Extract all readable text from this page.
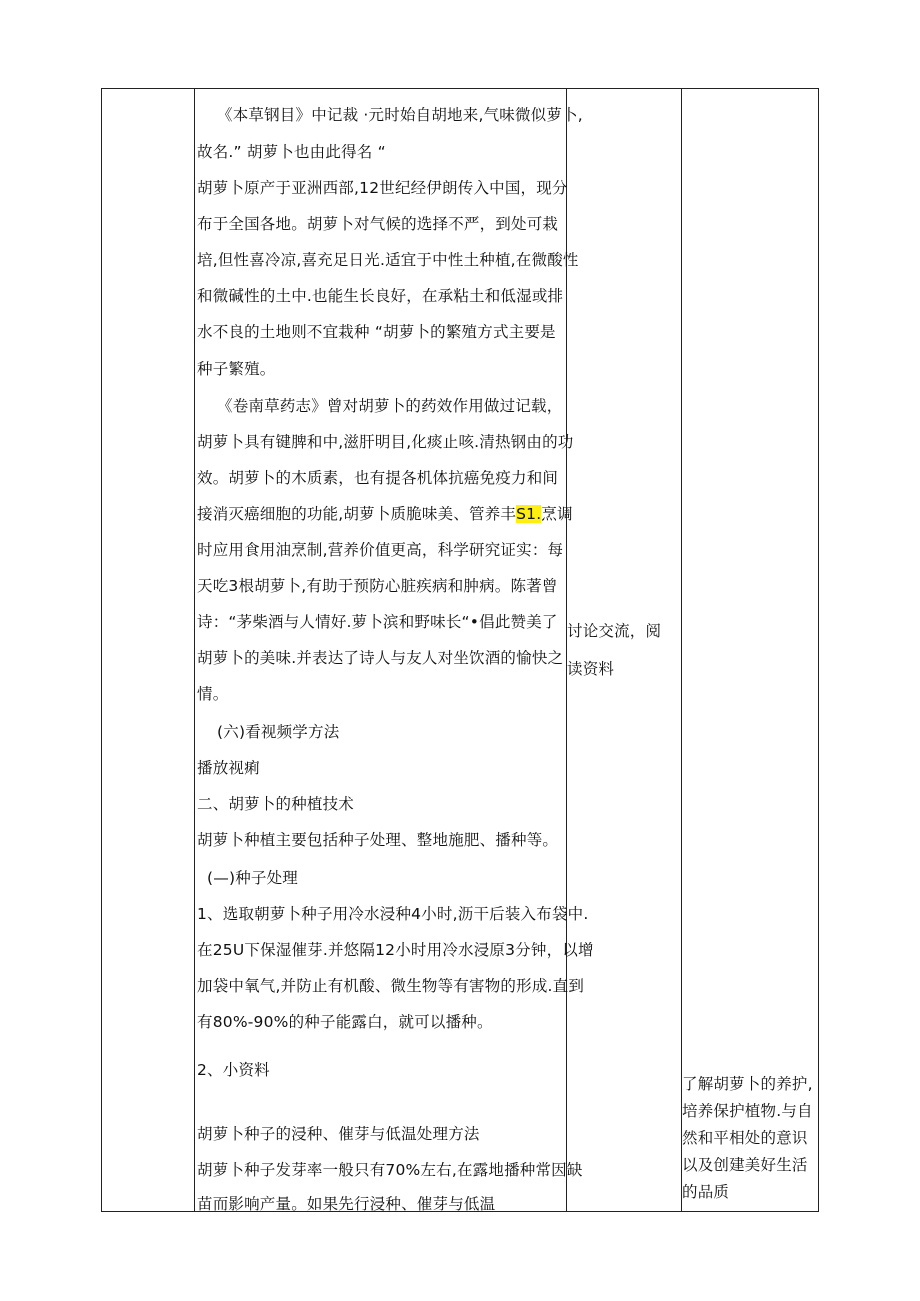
《本草钢目》中记裁 ·元时始自胡地来,气味微似萝卜,
故名.” 胡萝卜也由此得名 “
胡萝卜原产于亚洲西部,12世纪经伊朗传入中国，现分
布于全国各地。胡萝卜对气候的选择不严，到处可栽
培,但性喜冷凉,喜充足日光.适宜于中性土种植,在微酸性
和微碱性的土中.也能生长良好，在承粘土和低湿或排
水不良的土地则不宜栽种 “胡萝卜的繁殖方式主要是
种子繁殖。
《卷南草药志》曾对胡萝卜的药效作用做过记载，
胡萝卜具有键脾和中,滋肝明目,化痰止咳.清热钢由的功
效。胡萝卜的木质素，也有提各机体抗癌免疫力和间
接消灭癌细胞的功能,胡萝卜质脆味美、管养丰S1.烹调
时应用食用油烹制,营养价值更高，科学研究证实：每
天吃3根胡萝卜,有助于预防心脏疾病和肿病。陈著曾
诗：“茅柴酒与人情好.萝卜滨和野味长“•倡此赞美了
胡萝卜的美味.并表达了诗人与友人对坐饮酒的愉快之
情。
(六)看视频学方法
播放视痢
二、胡萝卜的种植技术
胡萝卜种植主要包括种子处理、整地施肥、播种等。
(—)种子处理
1、选取朝萝卜种子用冷水浸种4小时,沥干后装入布袋中.
在25U下保湿催芽.并悠隔12小时用冷水浸原3分钟，以增
加袋中氧气,并防止有机酸、微生物等有害物的形成.直到
有80%-90%的种子能露白，就可以播种。
2、小资料
胡萝卜种子的浸种、催芽与低温处理方法
胡萝卜种子发芽率一般只有70%左右,在露地播种常因缺
苗而影响产量。如果先行浸种、催芽与低温
讨论交流，阅
读资料
了解胡萝卜的养护,
培养保护植物.与自
然和平相处的意识
以及创建美好生活
的品质
